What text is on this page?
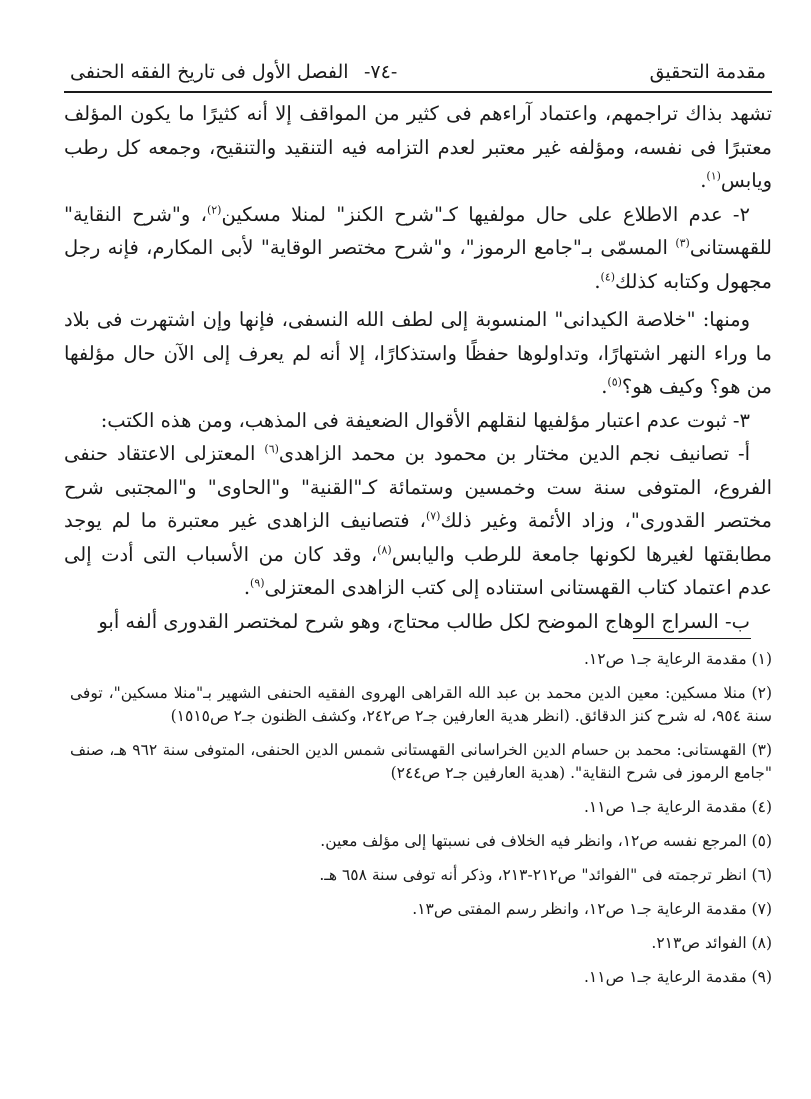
مقدمة التحقيق
-٧٤-
الفصل الأول فى تاريخ الفقه الحنفى

تشهد بذاك تراجمهم، واعتماد آراءهم فى كثير من المواقف إلا أنه كثيرًا ما يكون المؤلف معتبرًا فى نفسه، ومؤلفه غير معتبر لعدم التزامه فيه التنقيد والتنقيح، وجمعه كل رطب ويابس$^{(١)}$.

٢- عدم الاطلاع على حال مولفيها كـ"شرح الكنز" لمنلا مسكين$^{(٢)}$، و"شرح النقاية" للقهستانى$^{(٣)}$ المسمّى بـ"جامع الرموز"، و"شرح مختصر الوقاية" لأبى المكارم، فإنه رجل مجهول وكتابه كذلك$^{(٤)}$.

ومنها: "خلاصة الكيدانى" المنسوبة إلى لطف الله النسفى، فإنها وإن اشتهرت فى بلاد ما وراء النهر اشتهارًا، وتداولوها حفظًا واستذكارًا، إلا أنه لم يعرف إلى الآن حال مؤلفها من هو؟ وكيف هو؟$^{(٥)}$.

٣- ثبوت عدم اعتبار مؤلفيها لنقلهم الأقوال الضعيفة فى المذهب، ومن هذه الكتب:

أ- تصانيف نجم الدين مختار بن محمود بن محمد الزاهدى$^{(٦)}$ المعتزلى الاعتقاد حنفى الفروع، المتوفى سنة ست وخمسين وستمائة كـ"القنية" و"الحاوى" و"المجتبى شرح مختصر القدورى"، وزاد الأئمة وغير ذلك$^{(٧)}$، فتصانيف الزاهدى غير معتبرة ما لم يوجد مطابقتها لغيرها لكونها جامعة للرطب واليابس$^{(٨)}$، وقد كان من الأسباب التى أدت إلى عدم اعتماد كتاب القهستانى استناده إلى كتب الزاهدى المعتزلى$^{(٩)}$.

ب- السراج الوهاج الموضح لكل طالب محتاج، وهو شرح لمختصر القدورى ألفه أبو

(١) مقدمة الرعاية جـ١ ص١٢.

(٢) منلا مسكين: معين الدين محمد بن عبد الله القراهى الهروى الفقيه الحنفى الشهير بـ"منلا مسكين"، توفى سنة ٩٥٤، له شرح كنز الدقائق. (انظر هدية العارفين جـ٢ ص٢٤٢، وكشف الظنون جـ٢ ص١٥١٥)

(٣) القهستانى: محمد بن حسام الدين الخراسانى القهستانى شمس الدين الحنفى، المتوفى سنة ٩٦٢ هـ، صنف "جامع الرموز فى شرح النقاية". (هدية العارفين جـ٢ ص٢٤٤)

(٤) مقدمة الرعاية جـ١ ص١١.

(٥) المرجع نفسه ص١٢، وانظر فيه الخلاف فى نسبتها إلى مؤلف معين.

(٦) انظر ترجمته فى "الفوائد" ص٢١٢-٢١٣، وذكر أنه توفى سنة ٦٥٨ هـ.

(٧) مقدمة الرعاية جـ١ ص١٢، وانظر رسم المفتى ص١٣.

(٨) الفوائد ص٢١٣.

(٩) مقدمة الرعاية جـ١ ص١١.
